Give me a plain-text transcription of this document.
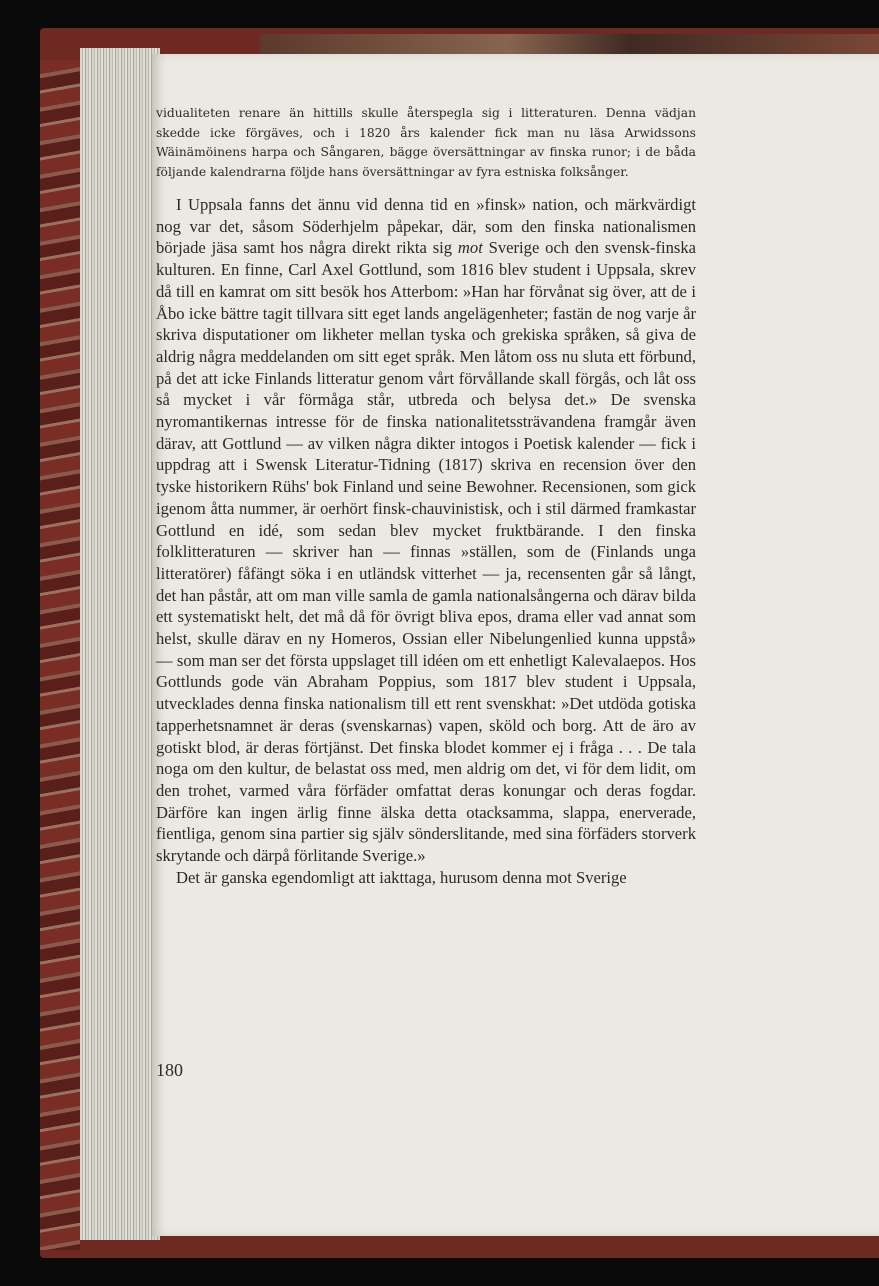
vidualiteten renare än hittills skulle återspegla sig i litteraturen. Denna vädjan skedde icke förgäves, och i 1820 års kalender fick man nu läsa Arwidssons Wäinämöinens harpa och Sångaren, bägge översättningar av finska runor; i de båda följande kalendrarna följde hans översättningar av fyra estniska folksånger.

I Uppsala fanns det ännu vid denna tid en »finsk» nation, och märkvärdigt nog var det, såsom Söderhjelm påpekar, där, som den finska nationalismen började jäsa samt hos några direkt rikta sig mot Sverige och den svensk-finska kulturen. En finne, Carl Axel Gottlund, som 1816 blev student i Uppsala, skrev då till en kamrat om sitt besök hos Atterbom: »Han har förvånat sig över, att de i Åbo icke bättre tagit tillvara sitt eget lands angelägenheter; fastän de nog varje år skriva disputationer om likheter mellan tyska och grekiska språken, så giva de aldrig några meddelanden om sitt eget språk. Men låtom oss nu sluta ett förbund, på det att icke Finlands litteratur genom vårt förvållande skall förgås, och låt oss så mycket i vår förmåga står, utbreda och belysa det.» De svenska nyromantikernas intresse för de finska nationalitetssträvandena framgår även därav, att Gottlund — av vilken några dikter intogos i Poetisk kalender — fick i uppdrag att i Swensk Literatur-Tidning (1817) skriva en recension över den tyske historikern Rühs' bok Finland und seine Bewohner. Recensionen, som gick igenom åtta nummer, är oerhört finsk-chauvinistisk, och i stil därmed framkastar Gottlund en idé, som sedan blev mycket fruktbärande. I den finska folklitteraturen — skriver han — finnas »ställen, som de (Finlands unga litteratörer) fåfängt söka i en utländsk vitterhet — ja, recensenten går så långt, det han påstår, att om man ville samla de gamla nationalsångerna och därav bilda ett systematiskt helt, det må då för övrigt bliva epos, drama eller vad annat som helst, skulle därav en ny Homeros, Ossian eller Nibelungenlied kunna uppstå» — som man ser det första uppslaget till idéen om ett enhetligt Kalevalaepos. Hos Gottlunds gode vän Abraham Poppius, som 1817 blev student i Uppsala, utvecklades denna finska nationalism till ett rent svenskhat: »Det utdöda gotiska tapperhetsnamnet är deras (svenskarnas) vapen, sköld och borg. Att de äro av gotiskt blod, är deras förtjänst. Det finska blodet kommer ej i fråga . . . De tala noga om den kultur, de belastat oss med, men aldrig om det, vi för dem lidit, om den trohet, varmed våra förfäder omfattat deras konungar och deras fogdar. Därföre kan ingen ärlig finne älska detta otacksamma, slappa, enerverade, fientliga, genom sina partier sig själv sönderslitande, med sina förfäders storverk skrytande och därpå förlitande Sverige.»

Det är ganska egendomligt att iakttaga, hurusom denna mot Sverige

180
